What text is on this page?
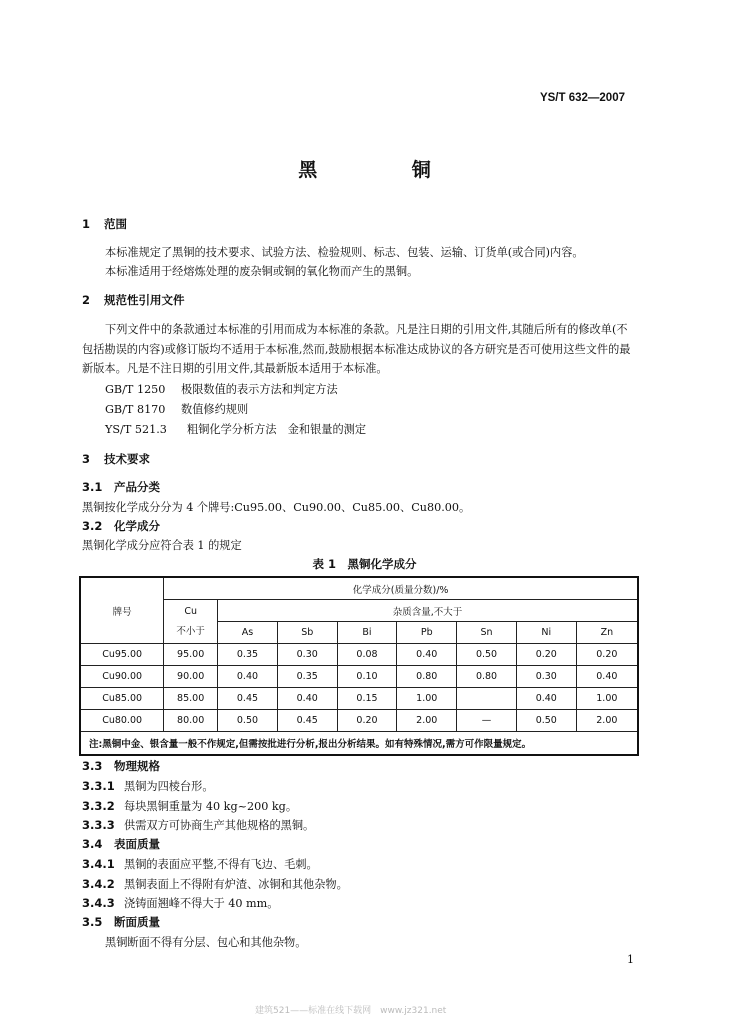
YS/T 632—2007
黑 铜
1 范围
本标准规定了黑铜的技术要求、试验方法、检验规则、标志、包装、运输、订货单(或合同)内容。
本标准适用于经熔炼处理的废杂铜或铜的氧化物而产生的黑铜。
2 规范性引用文件
下列文件中的条款通过本标准的引用而成为本标准的条款。凡是注日期的引用文件,其随后所有的修改单(不包括勘误的内容)或修订版均不适用于本标准,然而,鼓励根据本标准达成协议的各方研究是否可使用这些文件的最新版本。凡是不注日期的引用文件,其最新版本适用于本标准。
GB/T 1250 极限数值的表示方法和判定方法
GB/T 8170 数值修约规则
YS/T 521.3 粗铜化学分析方法　金和银量的测定
3 技术要求
3.1 产品分类
黑铜按化学成分分为 4 个牌号:Cu95.00、Cu90.00、Cu85.00、Cu80.00。
3.2 化学成分
黑铜化学成分应符合表 1 的规定
表 1　黑铜化学成分
牌号	化学成分(质量分数)/%							

	Cu
不小于	杂质含量,不大于						
		As	Sb	Bi	Pb	Sn	Ni	Zn
Cu95.00	95.00	0.35	0.30	0.08	0.40	0.50	0.20	0.20
Cu90.00	90.00	0.40	0.35	0.10	0.80	0.80	0.30	0.40
Cu85.00	85.00	0.45	0.40	0.15	1.00		0.40	1.00
Cu80.00	80.00	0.50	0.45	0.20	2.00	—	0.50	2.00
注:黑铜中金、银含量一般不作规定,但需按批进行分析,报出分析结果。如有特殊情况,需方可作限量规定。								
3.3 物理规格
3.3.1 黑铜为四棱台形。
3.3.2 每块黑铜重量为 40 kg~200 kg。
3.3.3 供需双方可协商生产其他规格的黑铜。
3.4 表面质量
3.4.1 黑铜的表面应平整,不得有飞边、毛刺。
3.4.2 黑铜表面上不得附有炉渣、冰铜和其他杂物。
3.4.3 浇铸面翘峰不得大于 40 mm。
3.5 断面质量
黑铜断面不得有分层、包心和其他杂物。
1
建筑521——标准在线下载网　www.jz321.net
